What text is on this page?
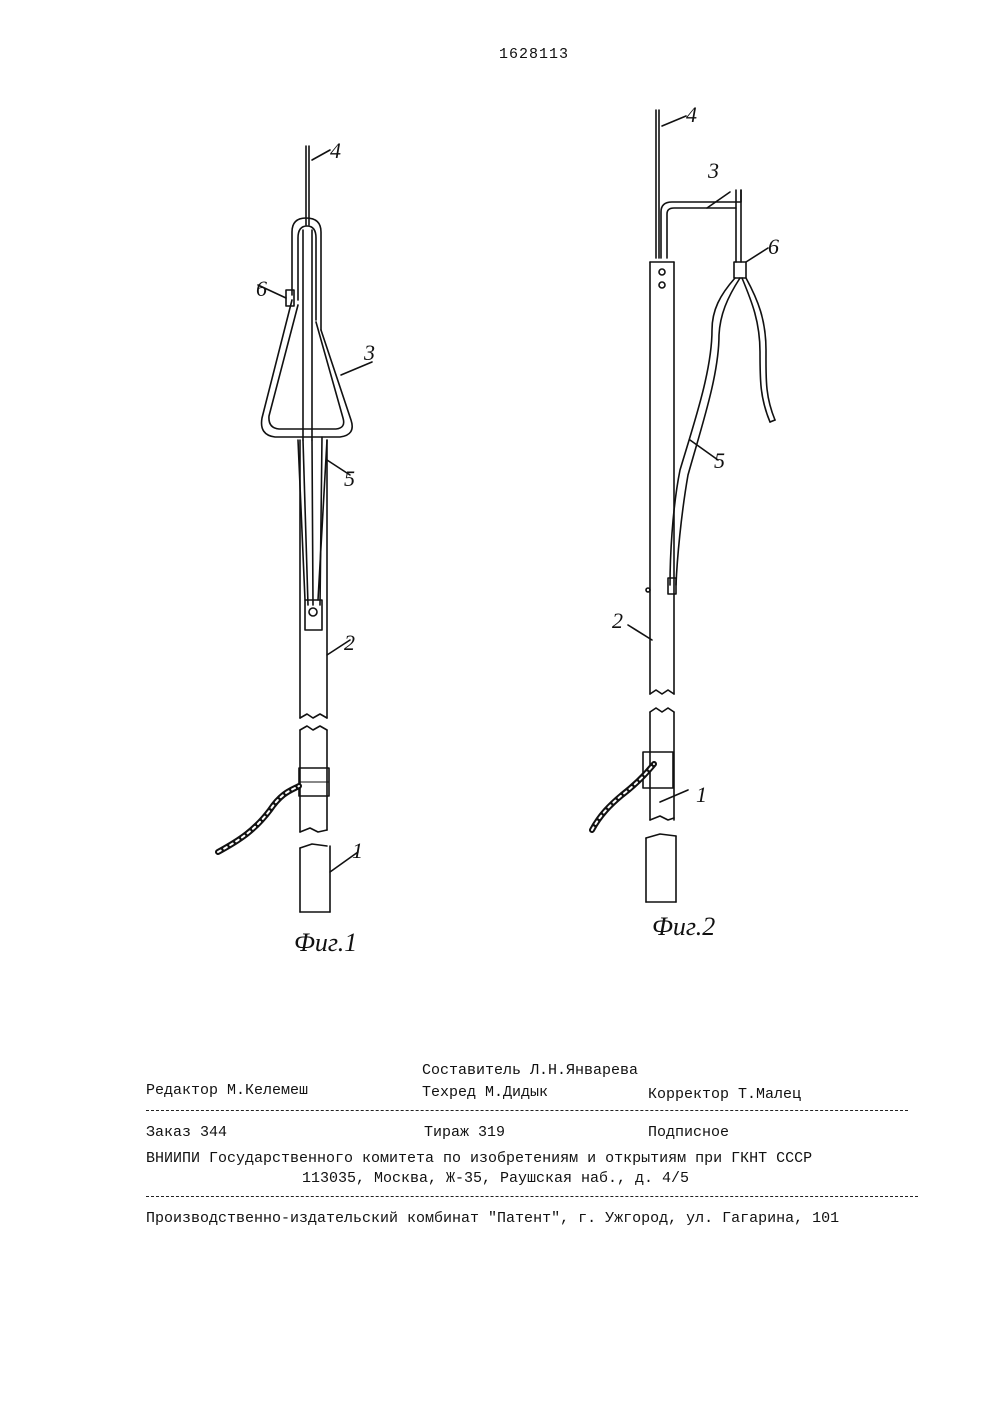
1628113
4
6
3
5
2
1
Фиг.1
4
3
6
5
2
1
Фиг.2
Составитель Л.Н.Январева
Редактор М.Келемеш	Техред М.Дидык	Корректор Т.Малец
Заказ 344	Тираж 319	Подписное
ВНИИПИ Государственного комитета по изобретениям и открытиям при ГКНТ СССР
113035, Москва, Ж-35, Раушская наб., д. 4/5
Производственно-издательский комбинат "Патент", г. Ужгород, ул. Гагарина, 101
